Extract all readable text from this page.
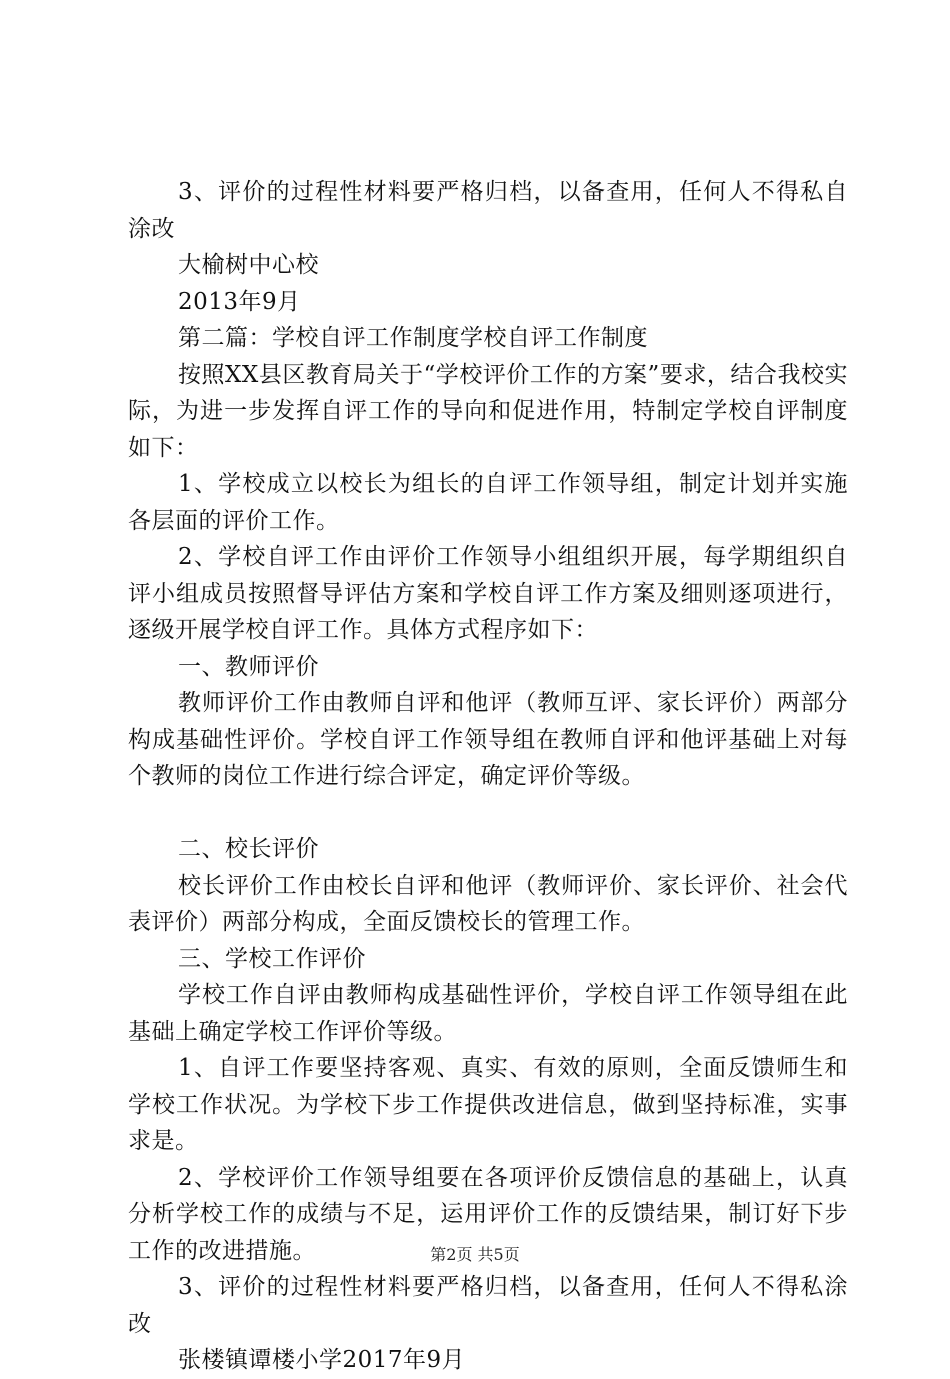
3、评价的过程性材料要严格归档，以备查用，任何人不得私自涂改

大榆树中心校

2013年9月

第二篇：学校自评工作制度学校自评工作制度

按照XX县区教育局关于“学校评价工作的方案”要求，结合我校实际，为进一步发挥自评工作的导向和促进作用，特制定学校自评制度如下：

1、学校成立以校长为组长的自评工作领导组，制定计划并实施各层面的评价工作。

2、学校自评工作由评价工作领导小组组织开展，每学期组织自评小组成员按照督导评估方案和学校自评工作方案及细则逐项进行，逐级开展学校自评工作。具体方式程序如下：

一、教师评价

教师评价工作由教师自评和他评（教师互评、家长评价）两部分构成基础性评价。学校自评工作领导组在教师自评和他评基础上对每个教师的岗位工作进行综合评定，确定评价等级。

二、校长评价

校长评价工作由校长自评和他评（教师评价、家长评价、社会代表评价）两部分构成，全面反馈校长的管理工作。

三、学校工作评价

学校工作自评由教师构成基础性评价，学校自评工作领导组在此基础上确定学校工作评价等级。

1、自评工作要坚持客观、真实、有效的原则，全面反馈师生和学校工作状况。为学校下步工作提供改进信息，做到坚持标准，实事求是。

2、学校评价工作领导组要在各项评价反馈信息的基础上，认真分析学校工作的成绩与不足，运用评价工作的反馈结果，制订好下步工作的改进措施。

3、评价的过程性材料要严格归档，以备查用，任何人不得私涂改

张楼镇谭楼小学2017年9月

第2页 共5页
